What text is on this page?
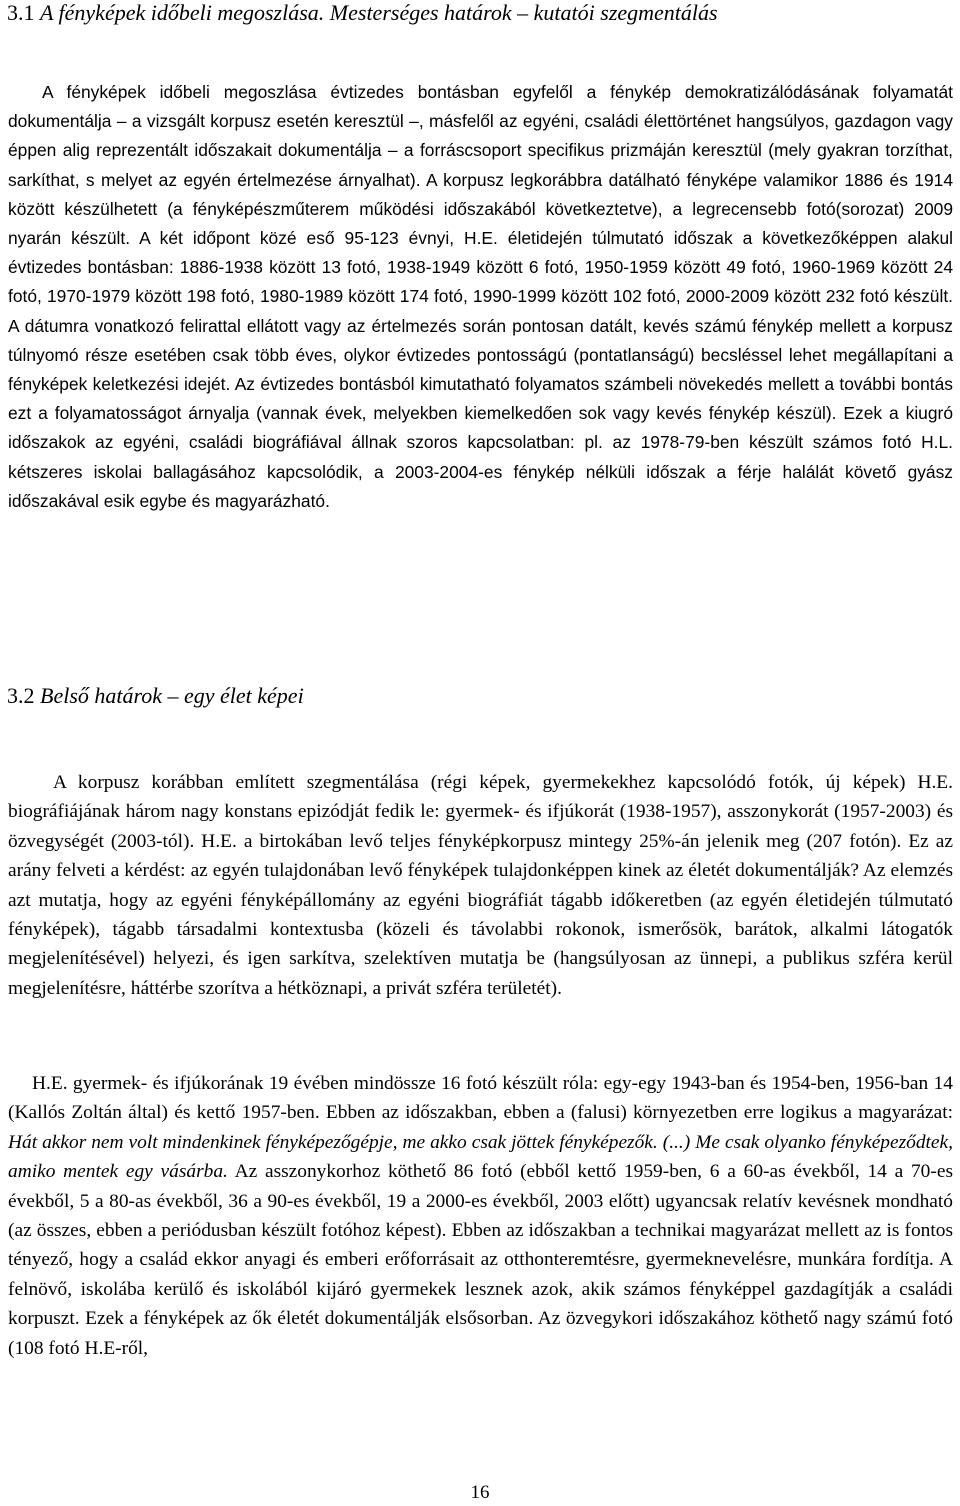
3.1 A fényképek időbeli megoszlása. Mesterséges határok – kutatói szegmentálás
A fényképek időbeli megoszlása évtizedes bontásban egyfelől a fénykép demokratizálódásának folyamatát dokumentálja – a vizsgált korpusz esetén keresztül –, másfelől az egyéni, családi élettörténet hangsúlyos, gazdagon vagy éppen alig reprezentált időszakait dokumentálja – a forráscsoport specifikus prizmáján keresztül (mely gyakran torzíthat, sarkíthat, s melyet az egyén értelmezése árnyalhat). A korpusz legkorábbra datálható fényképe valamikor 1886 és 1914 között készülhetett (a fényképészműterem működési időszakából következtetve), a legrecensebb fotó(sorozat) 2009 nyarán készült. A két időpont közé eső 95-123 évnyi, H.E. életidején túlmutató időszak a következőképpen alakul évtizedes bontásban: 1886-1938 között 13 fotó, 1938-1949 között 6 fotó, 1950-1959 között 49 fotó, 1960-1969 között 24 fotó, 1970-1979 között 198 fotó, 1980-1989 között 174 fotó, 1990-1999 között 102 fotó, 2000-2009 között 232 fotó készült. A dátumra vonatkozó felirattal ellátott vagy az értelmezés során pontosan datált, kevés számú fénykép mellett a korpusz túlnyomó része esetében csak több éves, olykor évtizedes pontosságú (pontatlanságú) becsléssel lehet megállapítani a fényképek keletkezési idejét. Az évtizedes bontásból kimutatható folyamatos számbeli növekedés mellett a további bontás ezt a folyamatosságot árnyalja (vannak évek, melyekben kiemelkedően sok vagy kevés fénykép készül). Ezek a kiugró időszakok az egyéni, családi biográfiával állnak szoros kapcsolatban: pl. az 1978-79-ben készült számos fotó H.L. kétszeres iskolai ballagásához kapcsolódik, a 2003-2004-es fénykép nélküli időszak a férje halálát követő gyász időszakával esik egybe és magyarázható.
3.2 Belső határok – egy élet képei
A korpusz korábban említett szegmentálása (régi képek, gyermekekhez kapcsolódó fotók, új képek) H.E. biográfiájának három nagy konstans epizódját fedik le: gyermek- és ifjúkorát (1938-1957), asszonykorát (1957-2003) és özvegységét (2003-tól). H.E. a birtokában levő teljes fényképkorpusz mintegy 25%-án jelenik meg (207 fotón). Ez az arány felveti a kérdést: az egyén tulajdonában levő fényképek tulajdonképpen kinek az életét dokumentálják? Az elemzés azt mutatja, hogy az egyéni fényképállomány az egyéni biográfiát tágabb időkeretben (az egyén életidején túlmutató fényképek), tágabb társadalmi kontextusba (közeli és távolabbi rokonok, ismerősök, barátok, alkalmi látogatók megjelenítésével) helyezi, és igen sarkítva, szelektíven mutatja be (hangsúlyosan az ünnepi, a publikus szféra kerül megjelenítésre, háttérbe szorítva a hétköznapi, a privát szféra területét).
H.E. gyermek- és ifjúkorának 19 évében mindössze 16 fotó készült róla: egy-egy 1943-ban és 1954-ben, 1956-ban 14 (Kallós Zoltán által) és kettő 1957-ben. Ebben az időszakban, ebben a (falusi) környezetben erre logikus a magyarázat: Hát akkor nem volt mindenkinek fényképezőgépje, me akko csak jöttek fényképezők. (...) Me csak olyanko fényképeződtek, amiko mentek egy vásárba. Az asszonykorhoz köthető 86 fotó (ebből kettő 1959-ben, 6 a 60-as évekből, 14 a 70-es évekből, 5 a 80-as évekből, 36 a 90-es évekből, 19 a 2000-es évekből, 2003 előtt) ugyancsak relatív kevésnek mondható (az összes, ebben a periódusban készült fotóhoz képest). Ebben az időszakban a technikai magyarázat mellett az is fontos tényező, hogy a család ekkor anyagi és emberi erőforrásait az otthonteremtésre, gyermeknevelésre, munkára fordítja. A felnövő, iskolába kerülő és iskolából kijáró gyermekek lesznek azok, akik számos fényképpel gazdagítják a családi korpuszt. Ezek a fényképek az ők életét dokumentálják elsősorban. Az özvegykori időszakához köthető nagy számú fotó (108 fotó H.E-ről,
16
